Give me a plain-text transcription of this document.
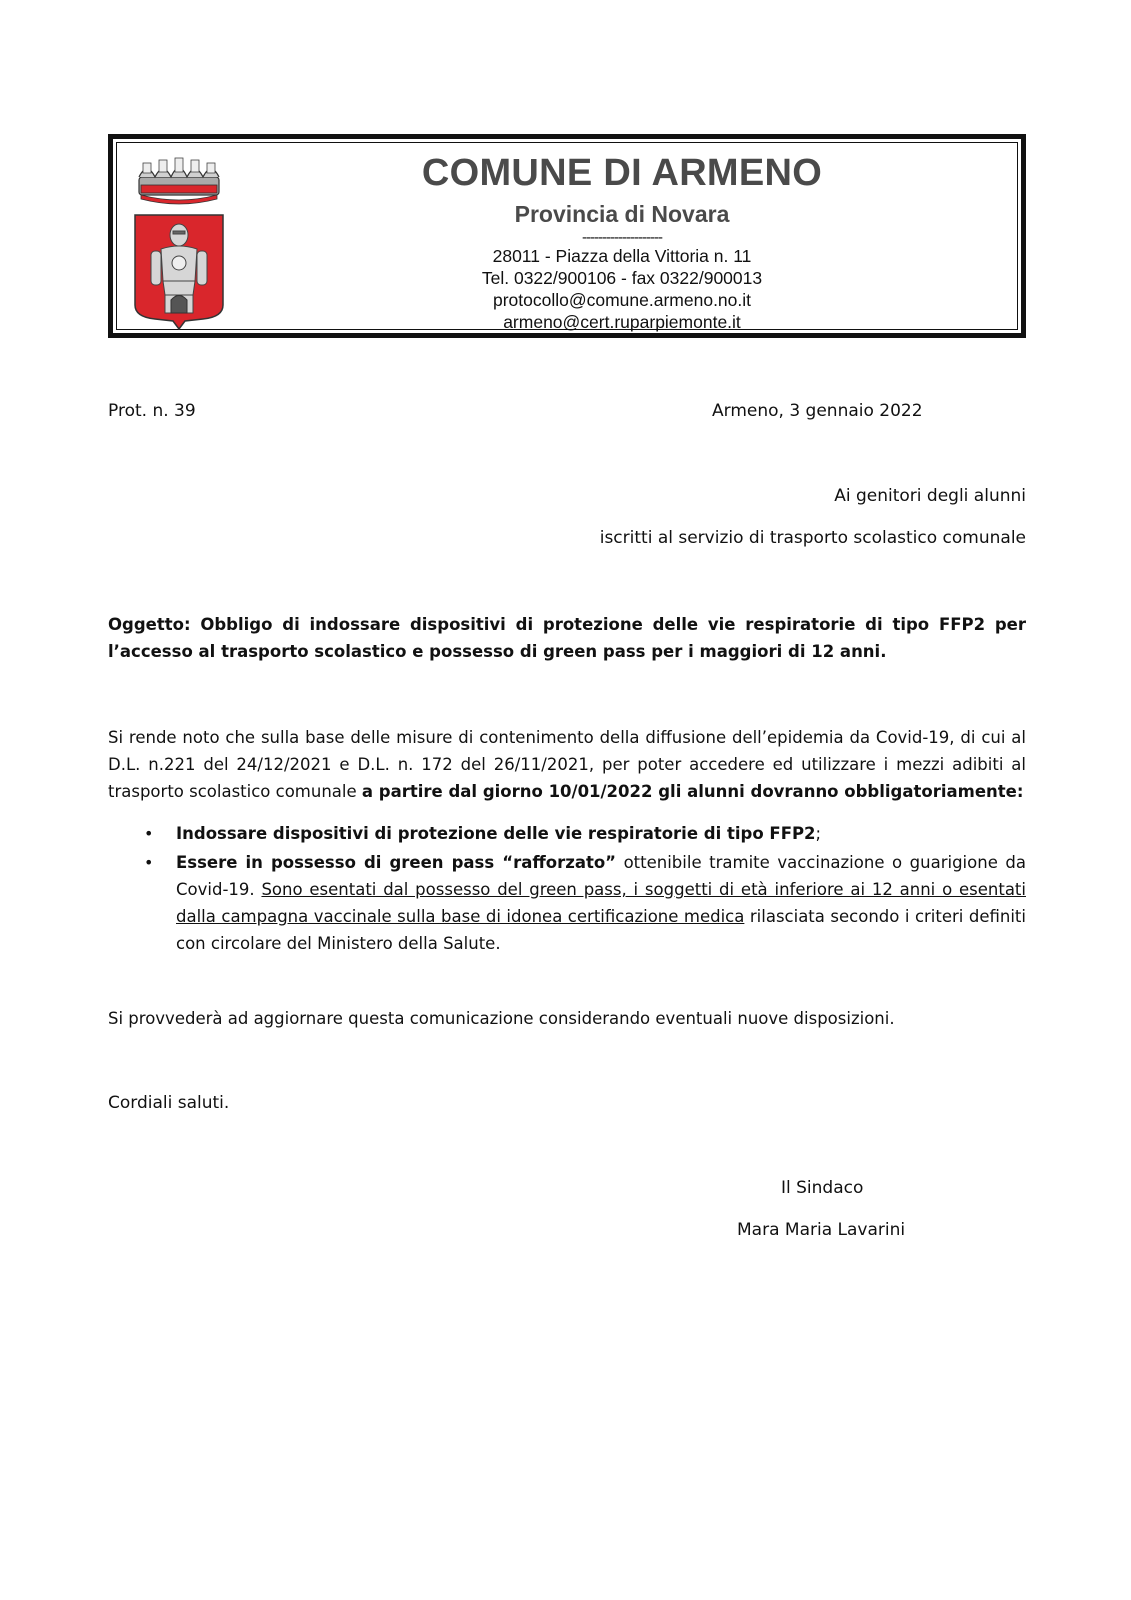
COMUNE DI ARMENO
Provincia di Novara
--------------------
28011 - Piazza della Vittoria n. 11
Tel. 0322/900106 - fax 0322/900013
protocollo@comune.armeno.no.it
armeno@cert.ruparpiemonte.it
Prot. n. 39	Armeno, 3 gennaio 2022
Ai genitori degli alunni
iscritti al servizio di trasporto scolastico comunale
Oggetto: Obbligo di indossare dispositivi di protezione delle vie respiratorie di tipo FFP2 per l’accesso al trasporto scolastico e possesso di green pass per i maggiori di 12 anni.
Si rende noto che sulla base delle misure di contenimento della diffusione dell’epidemia da Covid-19, di cui al D.L. n.221 del 24/12/2021 e D.L. n. 172 del 26/11/2021, per poter accedere ed utilizzare i mezzi adibiti al trasporto scolastico comunale a partire dal giorno 10/01/2022 gli alunni dovranno obbligatoriamente:
• Indossare dispositivi di protezione delle vie respiratorie di tipo FFP2;
• Essere in possesso di green pass “rafforzato” ottenibile tramite vaccinazione o guarigione da Covid-19. Sono esentati dal possesso del green pass, i soggetti di età inferiore ai 12 anni o esentati dalla campagna vaccinale sulla base di idonea certificazione medica rilasciata secondo i criteri definiti con circolare del Ministero della Salute.
Si provvederà ad aggiornare questa comunicazione considerando eventuali nuove disposizioni.
Cordiali saluti.
Il Sindaco
Mara Maria Lavarini
